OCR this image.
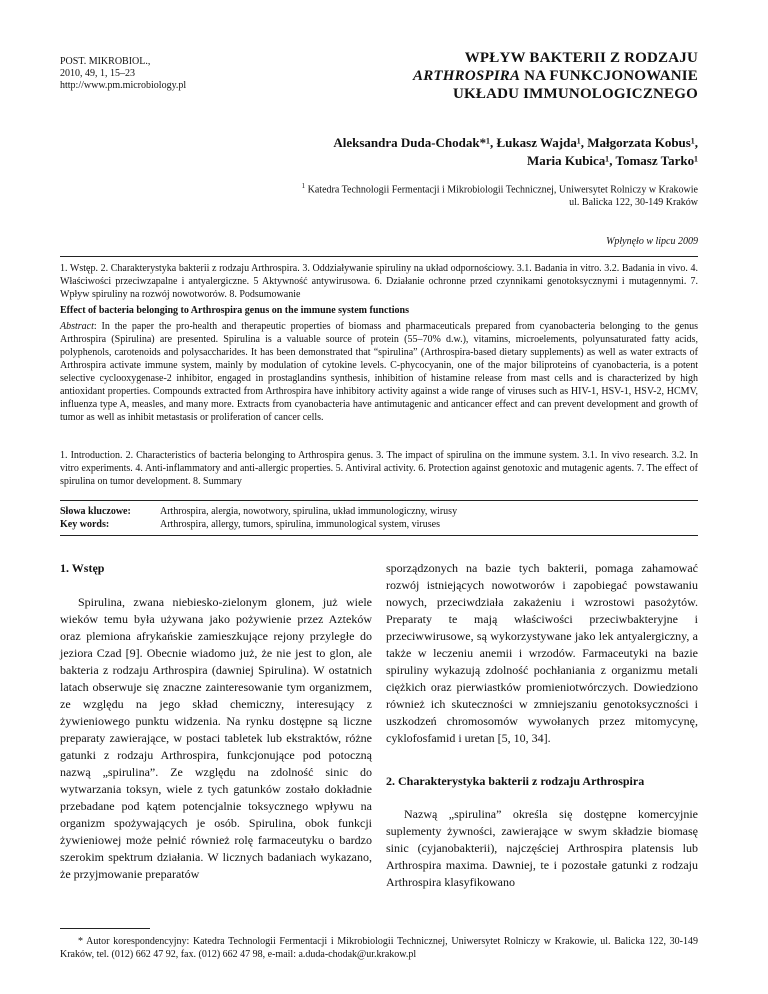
POST. MIKROBIOL.,
2010, 49, 1, 15–23
http://www.pm.microbiology.pl
WPŁYW BAKTERII Z RODZAJU
ARTHROSPIRA NA FUNKCJONOWANIE
UKŁADU IMMUNOLOGICZNEGO
Aleksandra Duda-Chodak*¹, Łukasz Wajda¹, Małgorzata Kobus¹,
Maria Kubica¹, Tomasz Tarko¹
$^1$ Katedra Technologii Fermentacji i Mikrobiologii Technicznej, Uniwersytet Rolniczy w Krakowie
ul. Balicka 122, 30-149 Kraków
Wpłynęło w lipcu 2009
1. Wstęp. 2. Charakterystyka bakterii z rodzaju Arthrospira. 3. Oddziaływanie spiruliny na układ odpornościowy. 3.1. Badania in vitro. 3.2. Badania in vivo. 4. Właściwości przeciwzapalne i antyalergiczne. 5 Aktywność antywirusowa. 6. Działanie ochronne przed czynnikami genotoksycznymi i mutagennymi. 7. Wpływ spiruliny na rozwój nowotworów. 8. Podsumowanie
Effect of bacteria belonging to Arthrospira genus on the immune system functions
Abstract: In the paper the pro-health and therapeutic properties of biomass and pharmaceuticals prepared from cyanobacteria belonging to the genus Arthrospira (Spirulina) are presented. Spirulina is a valuable source of protein (55–70% d.w.), vitamins, microelements, polyunsaturated fatty acids, polyphenols, carotenoids and polysaccharides. It has been demonstrated that “spirulina” (Arthrospira-based dietary supplements) as well as water extracts of Arthrospira activate immune system, mainly by modulation of cytokine levels. C-phycocyanin, one of the major biliproteins of cyanobacteria, is a potent selective cyclooxygenase-2 inhibitor, engaged in prostaglandins synthesis, inhibition of histamine release from mast cells and is characterized by high antioxidant properties. Compounds extracted from Arthrospira have inhibitory activity against a wide range of viruses such as HIV-1, HSV-1, HSV-2, HCMV, influenza type A, measles, and many more. Extracts from cyanobacteria have antimutagenic and anticancer effect and can prevent development and growth of tumor as well as inhibit metastasis or proliferation of cancer cells.
1. Introduction. 2. Characteristics of bacteria belonging to Arthrospira genus. 3. The impact of spirulina on the immune system. 3.1. In vivo research. 3.2. In vitro experiments. 4. Anti-inflammatory and anti-allergic properties. 5. Antiviral activity. 6. Protection against genotoxic and mutagenic agents. 7. The effect of spirulina on tumor development. 8. Summary
Słowa kluczowe:	Arthrospira, alergia, nowotwory, spirulina, układ immunologiczny, wirusy
Key words:	Arthrospira, allergy, tumors, spirulina, immunological system, viruses
1. Wstęp

Spirulina, zwana niebiesko-zielonym glonem, już wiele wieków temu była używana jako pożywienie przez Azteków oraz plemiona afrykańskie zamieszkujące rejony przyległe do jeziora Czad [9]. Obecnie wiadomo już, że nie jest to glon, ale bakteria z rodzaju Arthrospira (dawniej Spirulina). W ostatnich latach obserwuje się znaczne zainteresowanie tym organizmem, ze względu na jego skład chemiczny, interesujący z żywieniowego punktu widzenia. Na rynku dostępne są liczne preparaty zawierające, w postaci tabletek lub ekstraktów, różne gatunki z rodzaju Arthrospira, funkcjonujące pod potoczną nazwą „spirulina”. Ze względu na zdolność sinic do wytwarzania toksyn, wiele z tych gatunków zostało dokładnie przebadane pod kątem potencjalnie toksycznego wpływu na organizm spożywających je osób. Spirulina, obok funkcji żywieniowej może pełnić również rolę farmaceutyku o bardzo szerokim spektrum działania. W licznych badaniach wykazano, że przyjmowanie preparatów

sporządzonych na bazie tych bakterii, pomaga zahamować rozwój istniejących nowotworów i zapobiegać powstawaniu nowych, przeciwdziała zakażeniu i wzrostowi pasożytów. Preparaty te mają właściwości przeciwbakteryjne i przeciwwirusowe, są wykorzystywane jako lek antyalergiczny, a także w leczeniu anemii i wrzodów. Farmaceutyki na bazie spiruliny wykazują zdolność pochłaniania z organizmu metali ciężkich oraz pierwiastków promieniotwórczych. Dowiedziono również ich skuteczności w zmniejszaniu genotoksyczności i uszkodzeń chromosomów wywołanych przez mitomycynę, cyklofosfamid i uretan [5, 10, 34].

2. Charakterystyka bakterii z rodzaju Arthrospira

Nazwą „spirulina” określa się dostępne komercyjnie suplementy żywności, zawierające w swym składzie biomasę sinic (cyjanobakterii), najczęściej Arthrospira platensis lub Arthrospira maxima. Dawniej, te i pozostałe gatunki z rodzaju Arthrospira klasyfikowano

* Autor korespondencyjny: Katedra Technologii Fermentacji i Mikrobiologii Technicznej, Uniwersytet Rolniczy w Krakowie, ul. Balicka 122, 30-149 Kraków, tel. (012) 662 47 92, fax. (012) 662 47 98, e-mail: a.duda-chodak@ur.krakow.pl
